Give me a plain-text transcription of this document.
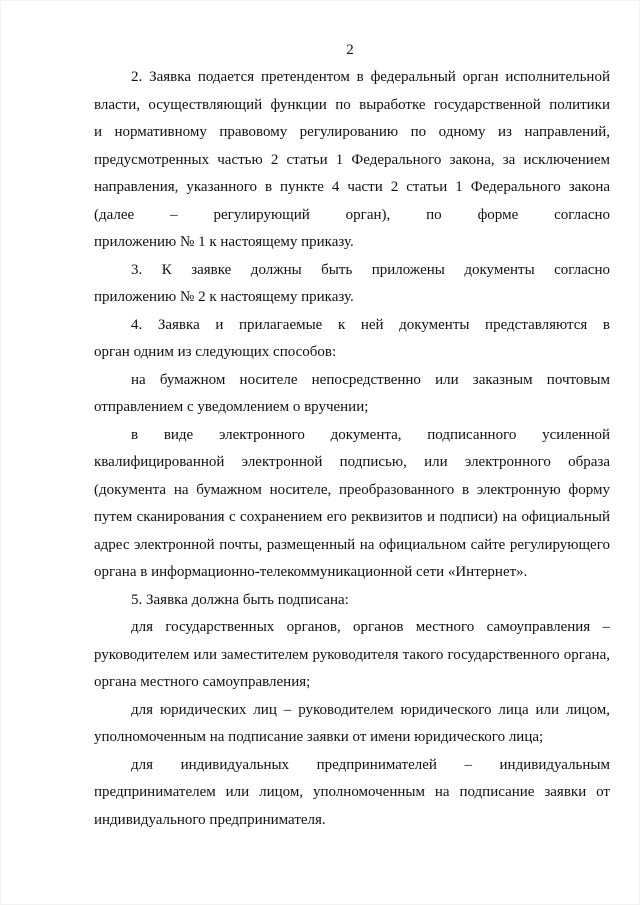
2
2. Заявка подается претендентом в федеральный орган исполнительной
власти, осуществляющий функции по выработке государственной политики
и нормативному правовому регулированию по одному из направлений,
предусмотренных частью 2 статьи 1 Федерального закона, за исключением
направления, указанного в пункте 4 части 2 статьи 1 Федерального закона
(далее – регулирующий орган), по форме согласно
приложению № 1 к настоящему приказу.
3. К заявке должны быть приложены документы согласно
приложению № 2 к настоящему приказу.
4. Заявка и прилагаемые к ней документы представляются в
орган одним из следующих способов:
на бумажном носителе непосредственно или заказным почтовым
отправлением с уведомлением о вручении;
в виде электронного документа, подписанного усиленной
квалифицированной электронной подписью, или электронного образа
(документа на бумажном носителе, преобразованного в электронную форму
путем сканирования с сохранением его реквизитов и подписи) на официальный
адрес электронной почты, размещенный на официальном сайте регулирующего
органа в информационно-телекоммуникационной сети «Интернет».
5. Заявка должна быть подписана:
для государственных органов, органов местного самоуправления –
руководителем или заместителем руководителя такого государственного органа,
органа местного самоуправления;
для юридических лиц – руководителем юридического лица или лицом,
уполномоченным на подписание заявки от имени юридического лица;
для индивидуальных предпринимателей – индивидуальным
предпринимателем или лицом, уполномоченным на подписание заявки от
индивидуального предпринимателя.
